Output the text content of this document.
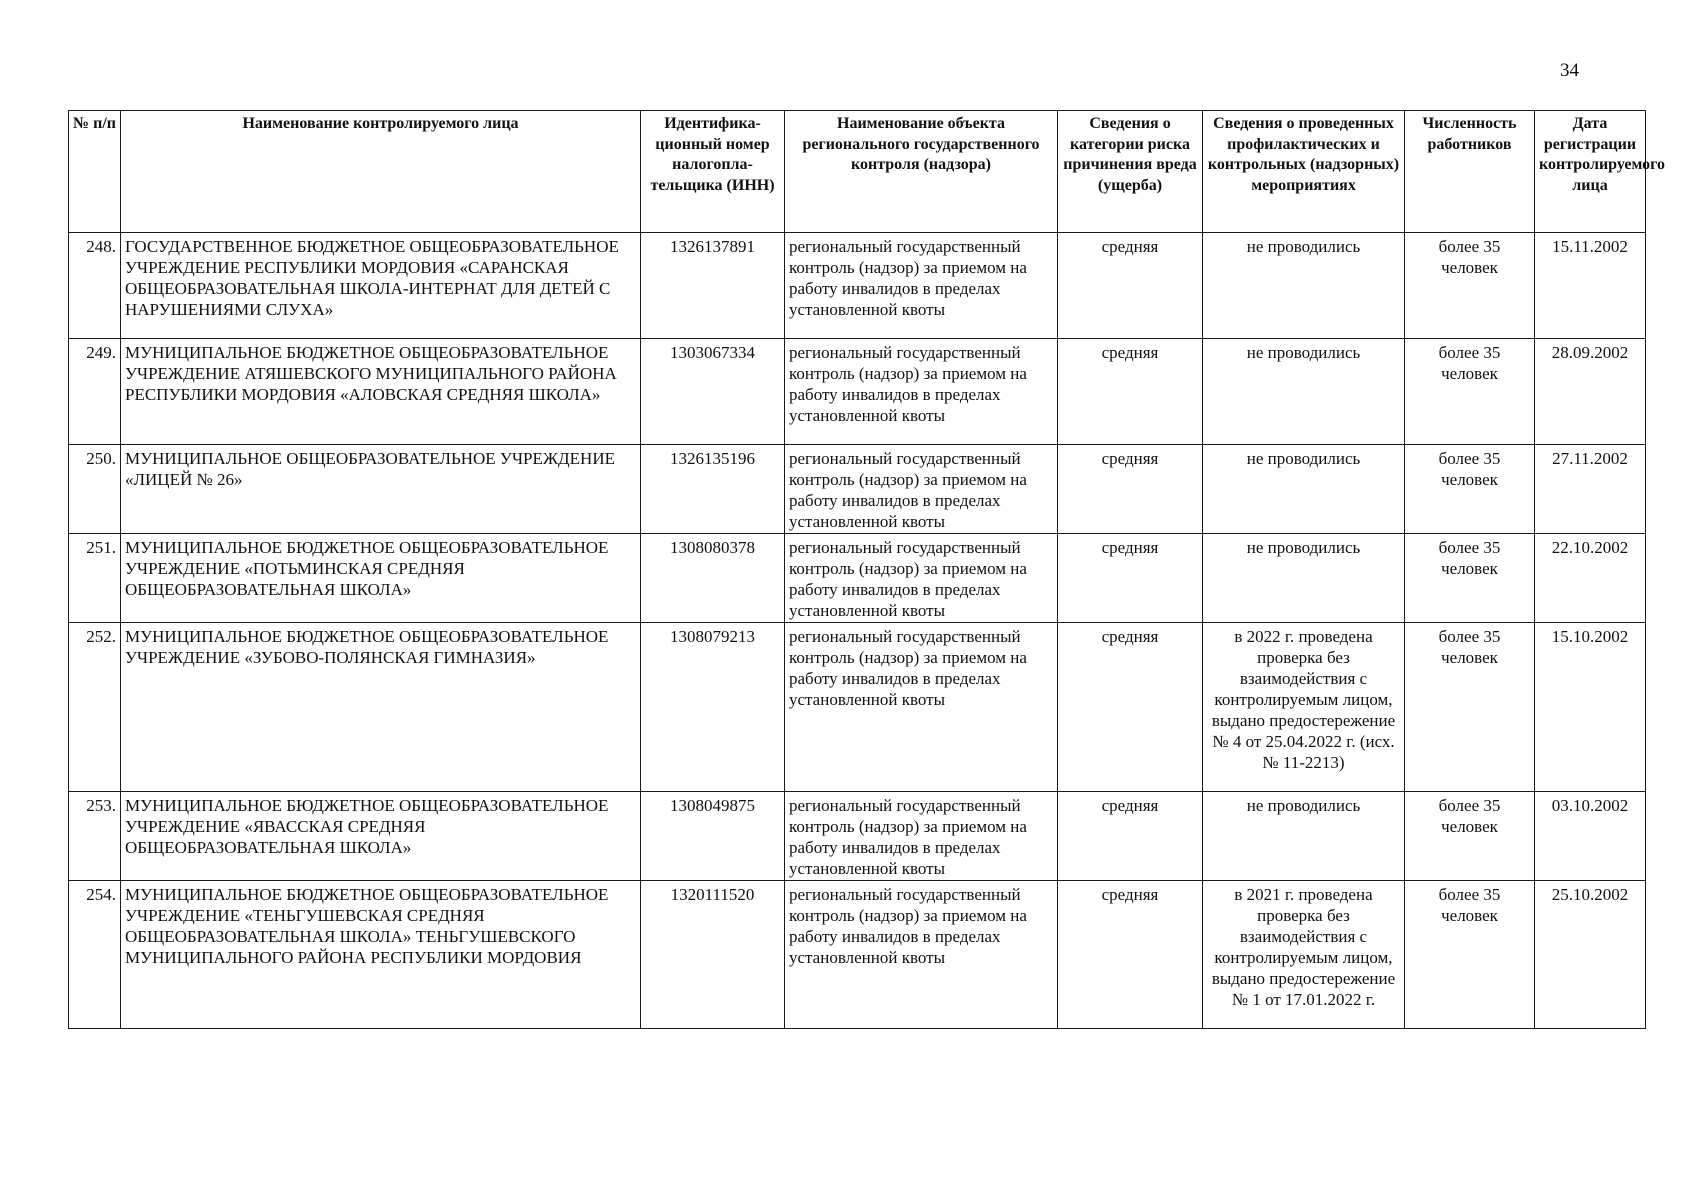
34
№ п/п	Наименование контролируемого лица	Идентифика-ционный номер налогопла-тельщика (ИНН)	Наименование объекта регионального государственного контроля (надзора)	Сведения о категории риска причинения вреда (ущерба)	Сведения о проведенных профилактических и контрольных (надзорных) мероприятиях	Численность работников	Дата регистрации контролируемого лица
248.	ГОСУДАРСТВЕННОЕ БЮДЖЕТНОЕ ОБЩЕОБРАЗОВАТЕЛЬНОЕ УЧРЕЖДЕНИЕ РЕСПУБЛИКИ МОРДОВИЯ «САРАНСКАЯ ОБЩЕОБРАЗОВАТЕЛЬНАЯ ШКОЛА-ИНТЕРНАТ ДЛЯ ДЕТЕЙ С НАРУШЕНИЯМИ СЛУХА»	1326137891	региональный государственный контроль (надзор) за приемом на работу инвалидов в пределах установленной квоты	средняя	не проводились	более 35 человек	15.11.2002
249.	МУНИЦИПАЛЬНОЕ БЮДЖЕТНОЕ ОБЩЕОБРАЗОВАТЕЛЬНОЕ УЧРЕЖДЕНИЕ АТЯШЕВСКОГО МУНИЦИПАЛЬНОГО РАЙОНА РЕСПУБЛИКИ МОРДОВИЯ «АЛОВСКАЯ СРЕДНЯЯ ШКОЛА»	1303067334	региональный государственный контроль (надзор) за приемом на работу инвалидов в пределах установленной квоты	средняя	не проводились	более 35 человек	28.09.2002
250.	МУНИЦИПАЛЬНОЕ ОБЩЕОБРАЗОВАТЕЛЬНОЕ УЧРЕЖДЕНИЕ «ЛИЦЕЙ № 26»	1326135196	региональный государственный контроль (надзор) за приемом на работу инвалидов в пределах установленной квоты	средняя	не проводились	более 35 человек	27.11.2002
251.	МУНИЦИПАЛЬНОЕ БЮДЖЕТНОЕ ОБЩЕОБРАЗОВАТЕЛЬНОЕ УЧРЕЖДЕНИЕ «ПОТЬМИНСКАЯ СРЕДНЯЯ ОБЩЕОБРАЗОВАТЕЛЬНАЯ ШКОЛА»	1308080378	региональный государственный контроль (надзор) за приемом на работу инвалидов в пределах установленной квоты	средняя	не проводились	более 35 человек	22.10.2002
252.	МУНИЦИПАЛЬНОЕ БЮДЖЕТНОЕ ОБЩЕОБРАЗОВАТЕЛЬНОЕ УЧРЕЖДЕНИЕ «ЗУБОВО-ПОЛЯНСКАЯ ГИМНАЗИЯ»	1308079213	региональный государственный контроль (надзор) за приемом на работу инвалидов в пределах установленной квоты	средняя	в 2022 г. проведена проверка без взаимодействия с контролируемым лицом, выдано предостережение № 4 от 25.04.2022 г. (исх. № 11-2213)	более 35 человек	15.10.2002
253.	МУНИЦИПАЛЬНОЕ БЮДЖЕТНОЕ ОБЩЕОБРАЗОВАТЕЛЬНОЕ УЧРЕЖДЕНИЕ «ЯВАССКАЯ СРЕДНЯЯ ОБЩЕОБРАЗОВАТЕЛЬНАЯ ШКОЛА»	1308049875	региональный государственный контроль (надзор) за приемом на работу инвалидов в пределах установленной квоты	средняя	не проводились	более 35 человек	03.10.2002
254.	МУНИЦИПАЛЬНОЕ БЮДЖЕТНОЕ ОБЩЕОБРАЗОВАТЕЛЬНОЕ УЧРЕЖДЕНИЕ «ТЕНЬГУШЕВСКАЯ СРЕДНЯЯ ОБЩЕОБРАЗОВАТЕЛЬНАЯ ШКОЛА» ТЕНЬГУШЕВСКОГО МУНИЦИПАЛЬНОГО РАЙОНА РЕСПУБЛИКИ МОРДОВИЯ	1320111520	региональный государственный контроль (надзор) за приемом на работу инвалидов в пределах установленной квоты	средняя	в 2021 г. проведена проверка без взаимодействия с контролируемым лицом, выдано предостережение № 1 от 17.01.2022 г.	более 35 человек	25.10.2002
